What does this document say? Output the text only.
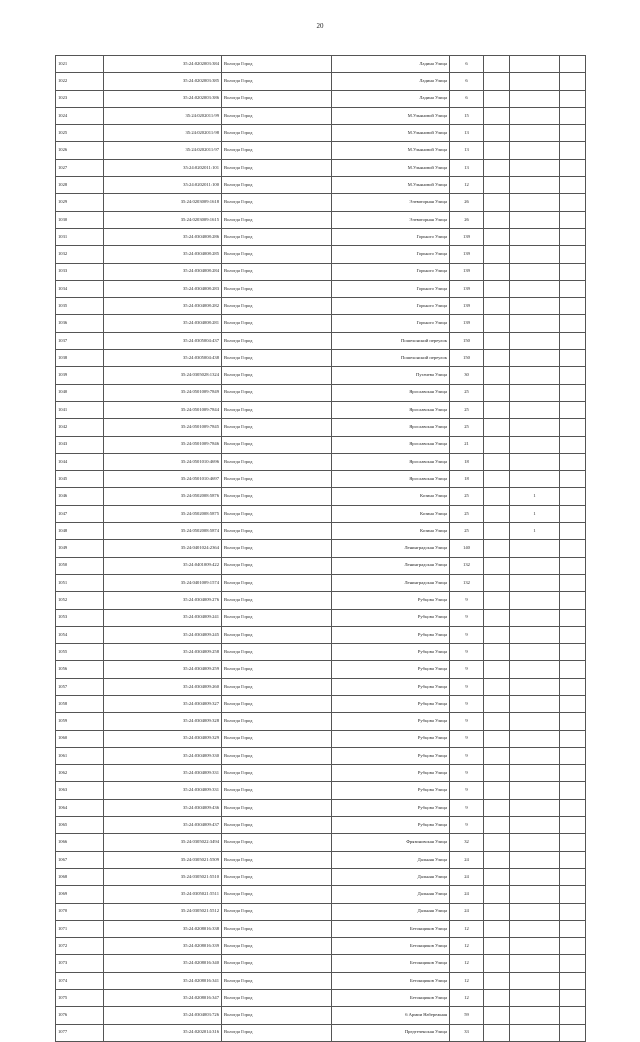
20
1021	35:24:0202003:384	Вологда Город	Ладина Улица	6			
1022	35:24:0202003:385	Вологда Город	Ладина Улица	6			
1023	35:24:0202003:386	Вологда Город	Ладина Улица	6			
1024	35:24:0202011:99	Вологда Город	М.Ульяновой Улица	15			
1025	35:24:0202011:98	Вологда Город	М.Ульяновой Улица	13			
1026	35:24:0202011:97	Вологда Город	М.Ульяновой Улица	13			
1027	35:24:0202011:101	Вологда Город	М.Ульяновой Улица	13			
1028	35:24:0202011:100	Вологда Город	М.Ульяновой Улица	12			
1029	35:24:0203009:1618	Вологда Город	Элеваторная Улица	26			
1030	35:24:0203009:1615	Вологда Город	Элеваторная Улица	26			
1031	35:24:0304008:286	Вологда Город	Горького Улица	139			
1032	35:24:0304008:285	Вологда Город	Горького Улица	139			
1033	35:24:0304008:284	Вологда Город	Горького Улица	139			
1034	35:24:0304008:283	Вологда Город	Горького Улица	139			
1035	35:24:0304008:282	Вологда Город	Горького Улица	139			
1036	35:24:0304008:281	Вологда Город	Горького Улица	139			
1037	35:24:0305004:437	Вологда Город	Пошехонский переулок	150			
1038	35:24:0305004:438	Вологда Город	Пошехонский переулок	150			
1039	35:24:0305028:1324	Вологда Город	Пугачева Улица	30			
1040	35:24:0501009:7849	Вологда Город	Ярославская Улица	25			
1041	35:24:0501009:7844	Вологда Город	Ярославская Улица	25			
1042	35:24:0501009:7845	Вологда Город	Ярославская Улица	25			
1043	35:24:0501009:7846	Вологда Город	Ярославская Улица	21			
1044	35:24:0501010:4696	Вологда Город	Ярославская Улица	18			
1045	35:24:0501010:4697	Вологда Город	Ярославская Улица	18			
1046	35:24:0502008:5876	Вологда Город	Козина Улица	25		1	
1047	35:24:0502008:5875	Вологда Город	Козина Улица	25		1	
1048	35:24:0502008:5874	Вологда Город	Козина Улица	25		1	
1049	35:24:0401024:2364	Вологда Город	Ленинградская Улица	140			
1050	35:24:0401009:422	Вологда Город	Ленинградская Улица	132			
1051	35:24:0401009:1574	Вологда Город	Ленинградская Улица	132			
1052	35:24:0304009:276	Вологда Город	Рубцова Улица	9			
1053	35:24:0304009:241	Вологда Город	Рубцова Улица	9			
1054	35:24:0304009:245	Вологда Город	Рубцова Улица	9			
1055	35:24:0304009:258	Вологда Город	Рубцова Улица	9			
1056	35:24:0304009:259	Вологда Город	Рубцова Улица	9			
1057	35:24:0304009:260	Вологда Город	Рубцова Улица	9			
1058	35:24:0304009:327	Вологда Город	Рубцова Улица	9			
1059	35:24:0304009:328	Вологда Город	Рубцова Улица	9			
1060	35:24:0304009:329	Вологда Город	Рубцова Улица	9			
1061	35:24:0304009:330	Вологда Город	Рубцова Улица	9			
1062	35:24:0304009:331	Вологда Город	Рубцова Улица	9			
1063	35:24:0304009:331	Вологда Город	Рубцова Улица	9			
1064	35:24:0304009:436	Вологда Город	Рубцова Улица	9			
1065	35:24:0304009:437	Вологда Город	Рубцова Улица	9			
1066	35:24:0305022:3494	Вологда Город	Фрязиновская Улица	32			
1067	35:24:0305021:5509	Вологда Город	Дальняя Улица	24			
1068	35:24:0305021:5510	Вологда Город	Дальняя Улица	24			
1069	35:24:0305021:5511	Вологда Город	Дальняя Улица	24			
1070	35:24:0305021:5512	Вологда Город	Дальняя Улица	24			
1071	35:24:0208016:338	Вологда Город	Бетонщиков Улица	12			
1072	35:24:0208016:339	Вологда Город	Бетонщиков Улица	12			
1073	35:24:0208016:340	Вологда Город	Бетонщиков Улица	12			
1074	35:24:0208016:341	Вологда Город	Бетонщиков Улица	12			
1075	35:24:0208016:347	Вологда Город	Бетонщиков Улица	12			
1076	35:24:0304003:726	Вологда Город	6 Армии Набережная	59			
1077	35:24:0202014:316	Вологда Город	Предтеченская Улица	33			
